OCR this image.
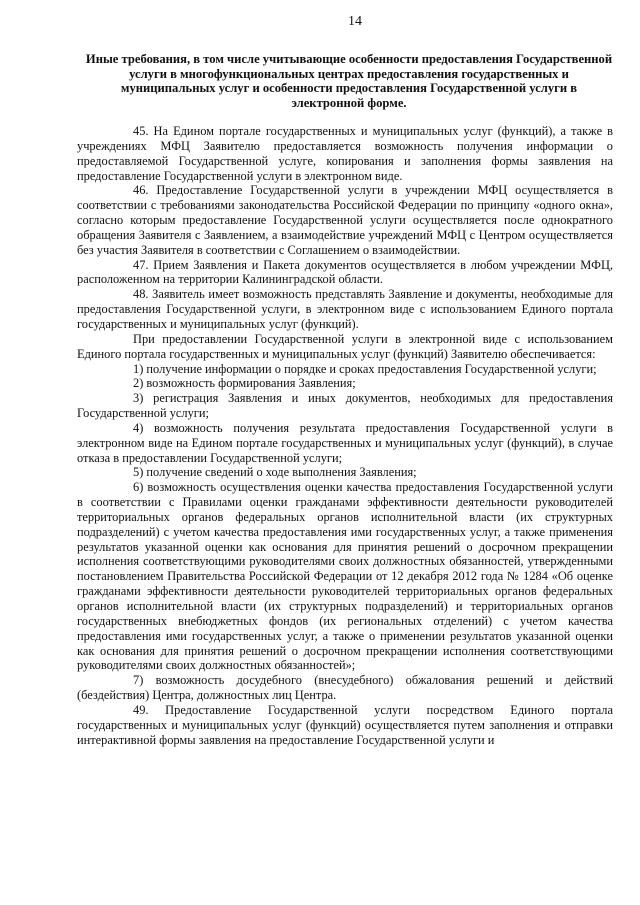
14
Иные требования, в том числе учитывающие особенности предоставления Государственной услуги в многофункциональных центрах предоставления государственных и муниципальных услуг и особенности предоставления Государственной услуги в электронной форме.

45. На Едином портале государственных и муниципальных услуг (функций), а также в учреждениях МФЦ Заявителю предоставляется возможность получения информации о предоставляемой Государственной услуге, копирования и заполнения формы заявления на предоставление Государственной услуги в электронном виде.

46. Предоставление Государственной услуги в учреждении МФЦ осуществляется в соответствии с требованиями законодательства Российской Федерации по принципу «одного окна», согласно которым предоставление Государственной услуги осуществляется после однократного обращения Заявителя с Заявлением, а взаимодействие учреждений МФЦ с Центром осуществляется без участия Заявителя в соответствии с Соглашением о взаимодействии.

47. Прием Заявления и Пакета документов осуществляется в любом учреждении МФЦ, расположенном на территории Калининградской области.

48. Заявитель имеет возможность представлять Заявление и документы, необходимые для предоставления Государственной услуги, в электронном виде с использованием Единого портала государственных и муниципальных услуг (функций).

При предоставлении Государственной услуги в электронной виде с использованием Единого портала государственных и муниципальных услуг (функций) Заявителю обеспечивается:

1) получение информации о порядке и сроках предоставления Государственной услуги;

2) возможность формирования Заявления;

3) регистрация Заявления и иных документов, необходимых для предоставления Государственной услуги;

4) возможность получения результата предоставления Государственной услуги в электронном виде на Едином портале государственных и муниципальных услуг (функций), в случае отказа в предоставлении Государственной услуги;

5) получение сведений о ходе выполнения Заявления;

6) возможность осуществления оценки качества предоставления Государственной услуги в соответствии с Правилами оценки гражданами эффективности деятельности руководителей территориальных органов федеральных органов исполнительной власти (их структурных подразделений) с учетом качества предоставления ими государственных услуг, а также применения результатов указанной оценки как основания для принятия решений о досрочном прекращении исполнения соответствующими руководителями своих должностных обязанностей, утвержденными постановлением Правительства Российской Федерации от 12 декабря 2012 года № 1284 «Об оценке гражданами эффективности деятельности руководителей территориальных органов федеральных органов исполнительной власти (их структурных подразделений) и территориальных органов государственных внебюджетных фондов (их региональных отделений) с учетом качества предоставления ими государственных услуг, а также о применении результатов указанной оценки как основания для принятия решений о досрочном прекращении исполнения соответствующими руководителями своих должностных обязанностей»;

7) возможность досудебного (внесудебного) обжалования решений и действий (бездействия) Центра, должностных лиц Центра.

49. Предоставление Государственной услуги посредством Единого портала государственных и муниципальных услуг (функций) осуществляется путем заполнения и отправки интерактивной формы заявления на предоставление Государственной услуги и
